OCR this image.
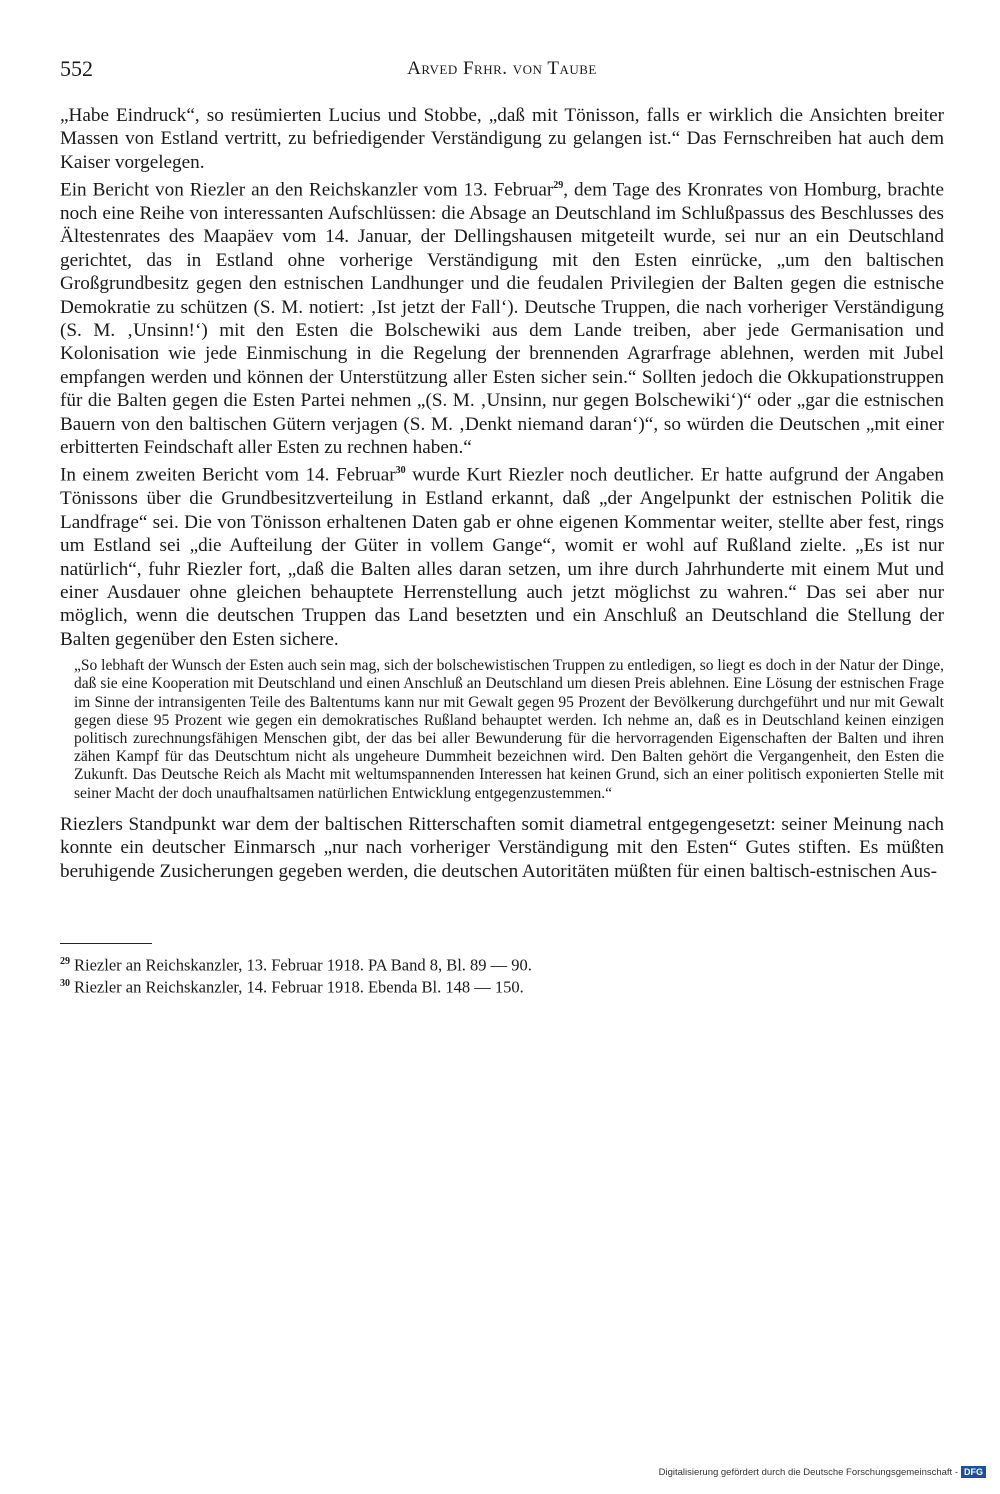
552	Arved Frhr. von Taube

„Habe Eindruck“, so resümierten Lucius und Stobbe, „daß mit Tönisson, falls er wirklich die Ansichten breiter Massen von Estland vertritt, zu befriedigender Verständigung zu gelangen ist.“ Das Fernschreiben hat auch dem Kaiser vorgelegen.

Ein Bericht von Riezler an den Reichskanzler vom 13. Februar$^{29}$, dem Tage des Kronrates von Homburg, brachte noch eine Reihe von interessanten Aufschlüssen: die Absage an Deutschland im Schlußpassus des Beschlusses des Ältestenrates des Maapäev vom 14. Januar, der Dellingshausen mitgeteilt wurde, sei nur an ein Deutschland gerichtet, das in Estland ohne vorherige Verständigung mit den Esten einrücke, „um den baltischen Großgrundbesitz gegen den estnischen Landhunger und die feudalen Privilegien der Balten gegen die estnische Demokratie zu schützen (S. M. notiert: ‚Ist jetzt der Fall‘). Deutsche Truppen, die nach vorheriger Verständigung (S. M. ‚Unsinn!‘) mit den Esten die Bolschewiki aus dem Lande treiben, aber jede Germanisation und Kolonisation wie jede Einmischung in die Regelung der brennenden Agrarfrage ablehnen, werden mit Jubel empfangen werden und können der Unterstützung aller Esten sicher sein.“ Sollten jedoch die Okkupationstruppen für die Balten gegen die Esten Partei nehmen „(S. M. ‚Unsinn, nur gegen Bolschewiki‘)“ oder „gar die estnischen Bauern von den baltischen Gütern verjagen (S. M. ‚Denkt niemand daran‘)“, so würden die Deutschen „mit einer erbitterten Feindschaft aller Esten zu rechnen haben.“

In einem zweiten Bericht vom 14. Februar$^{30}$ wurde Kurt Riezler noch deutlicher. Er hatte aufgrund der Angaben Tönissons über die Grundbesitzverteilung in Estland erkannt, daß „der Angelpunkt der estnischen Politik die Landfrage“ sei. Die von Tönisson erhaltenen Daten gab er ohne eigenen Kommentar weiter, stellte aber fest, rings um Estland sei „die Aufteilung der Güter in vollem Gange“, womit er wohl auf Rußland zielte. „Es ist nur natürlich“, fuhr Riezler fort, „daß die Balten alles daran setzen, um ihre durch Jahrhunderte mit einem Mut und einer Ausdauer ohne gleichen behauptete Herrenstellung auch jetzt möglichst zu wahren.“ Das sei aber nur möglich, wenn die deutschen Truppen das Land besetzten und ein Anschluß an Deutschland die Stellung der Balten gegenüber den Esten sichere.

„So lebhaft der Wunsch der Esten auch sein mag, sich der bolschewistischen Truppen zu entledigen, so liegt es doch in der Natur der Dinge, daß sie eine Kooperation mit Deutschland und einen Anschluß an Deutschland um diesen Preis ablehnen. Eine Lösung der estnischen Frage im Sinne der intransigenten Teile des Baltentums kann nur mit Gewalt gegen 95 Prozent der Bevölkerung durchgeführt und nur mit Gewalt gegen diese 95 Prozent wie gegen ein demokratisches Rußland behauptet werden. Ich nehme an, daß es in Deutschland keinen einzigen politisch zurechnungsfähigen Menschen gibt, der das bei aller Bewunderung für die hervorragenden Eigenschaften der Balten und ihren zähen Kampf für das Deutschtum nicht als ungeheure Dummheit bezeichnen wird. Den Balten gehört die Vergangenheit, den Esten die Zukunft. Das Deutsche Reich als Macht mit weltumspannenden Interessen hat keinen Grund, sich an einer politisch exponierten Stelle mit seiner Macht der doch unaufhaltsamen natürlichen Entwicklung entgegenzustemmen.“

Riezlers Standpunkt war dem der baltischen Ritterschaften somit diametral entgegengesetzt: seiner Meinung nach konnte ein deutscher Einmarsch „nur nach vorheriger Verständigung mit den Esten“ Gutes stiften. Es müßten beruhigende Zusicherungen gegeben werden, die deutschen Autoritäten müßten für einen baltisch-estnischen Aus-

$^{29}$ Riezler an Reichskanzler, 13. Februar 1918. PA Band 8, Bl. 89 — 90.

$^{30}$ Riezler an Reichskanzler, 14. Februar 1918. Ebenda Bl. 148 — 150.

Digitalisierung gefördert durch die Deutsche Forschungsgemeinschaft - DFG
